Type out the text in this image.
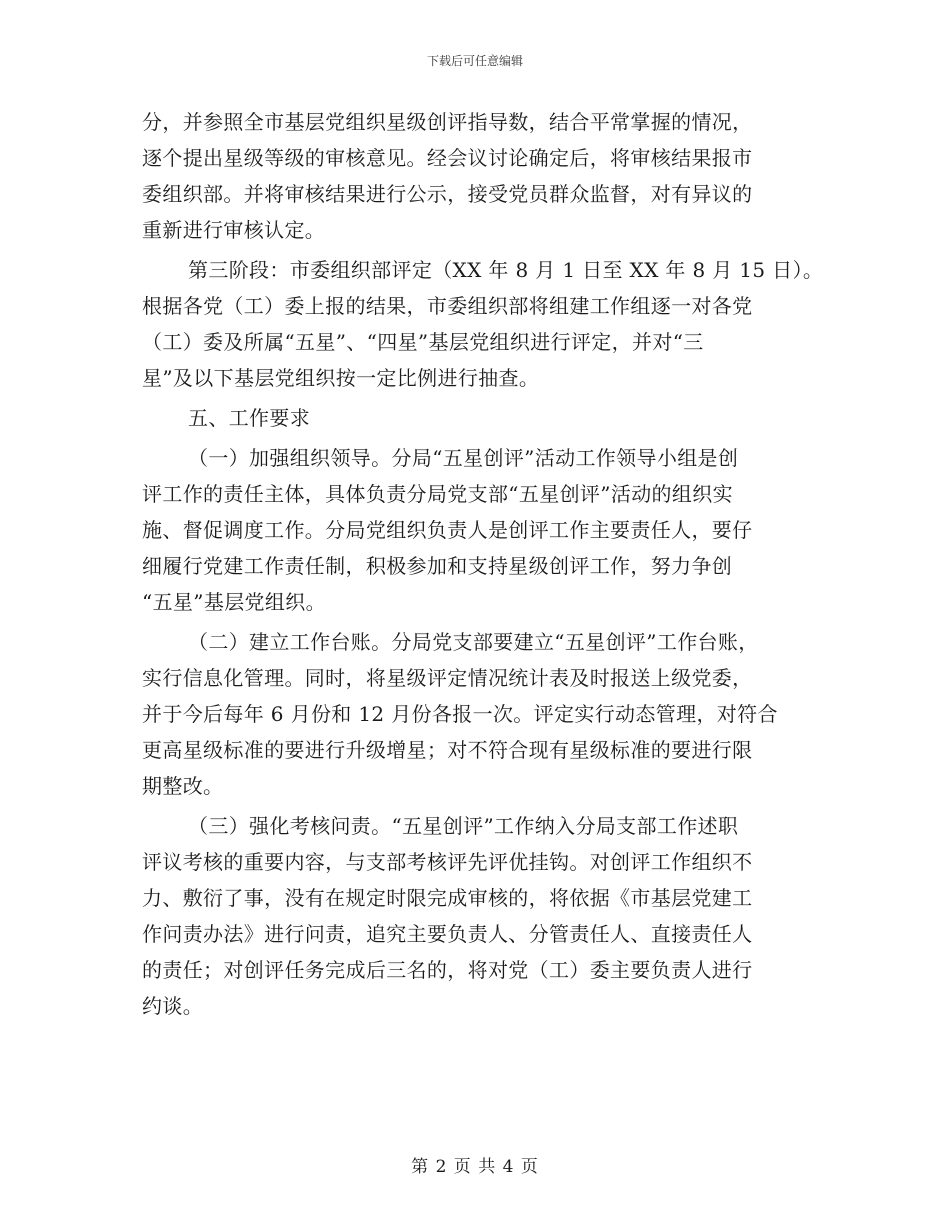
下载后可任意编辑
分，并参照全市基层党组织星级创评指导数，结合平常掌握的情况，
逐个提出星级等级的审核意见。经会议讨论确定后，将审核结果报市
委组织部。并将审核结果进行公示，接受党员群众监督，对有异议的
重新进行审核认定。
第三阶段：市委组织部评定（XX 年 8 月 1 日至 XX 年 8 月 15 日）。
根据各党（工）委上报的结果，市委组织部将组建工作组逐一对各党
（工）委及所属“五星”、“四星”基层党组织进行评定，并对“三
星”及以下基层党组织按一定比例进行抽查。
五、工作要求
（一）加强组织领导。分局“五星创评”活动工作领导小组是创
评工作的责任主体，具体负责分局党支部“五星创评”活动的组织实
施、督促调度工作。分局党组织负责人是创评工作主要责任人，要仔
细履行党建工作责任制，积极参加和支持星级创评工作，努力争创
“五星”基层党组织。
（二）建立工作台账。分局党支部要建立“五星创评”工作台账，
实行信息化管理。同时，将星级评定情况统计表及时报送上级党委，
并于今后每年 6 月份和 12 月份各报一次。评定实行动态管理，对符合
更高星级标准的要进行升级增星；对不符合现有星级标准的要进行限
期整改。
（三）强化考核问责。“五星创评”工作纳入分局支部工作述职
评议考核的重要内容，与支部考核评先评优挂钩。对创评工作组织不
力、敷衍了事，没有在规定时限完成审核的，将依据《市基层党建工
作问责办法》进行问责，追究主要负责人、分管责任人、直接责任人
的责任；对创评任务完成后三名的，将对党（工）委主要负责人进行
约谈。
第 2 页 共 4 页
